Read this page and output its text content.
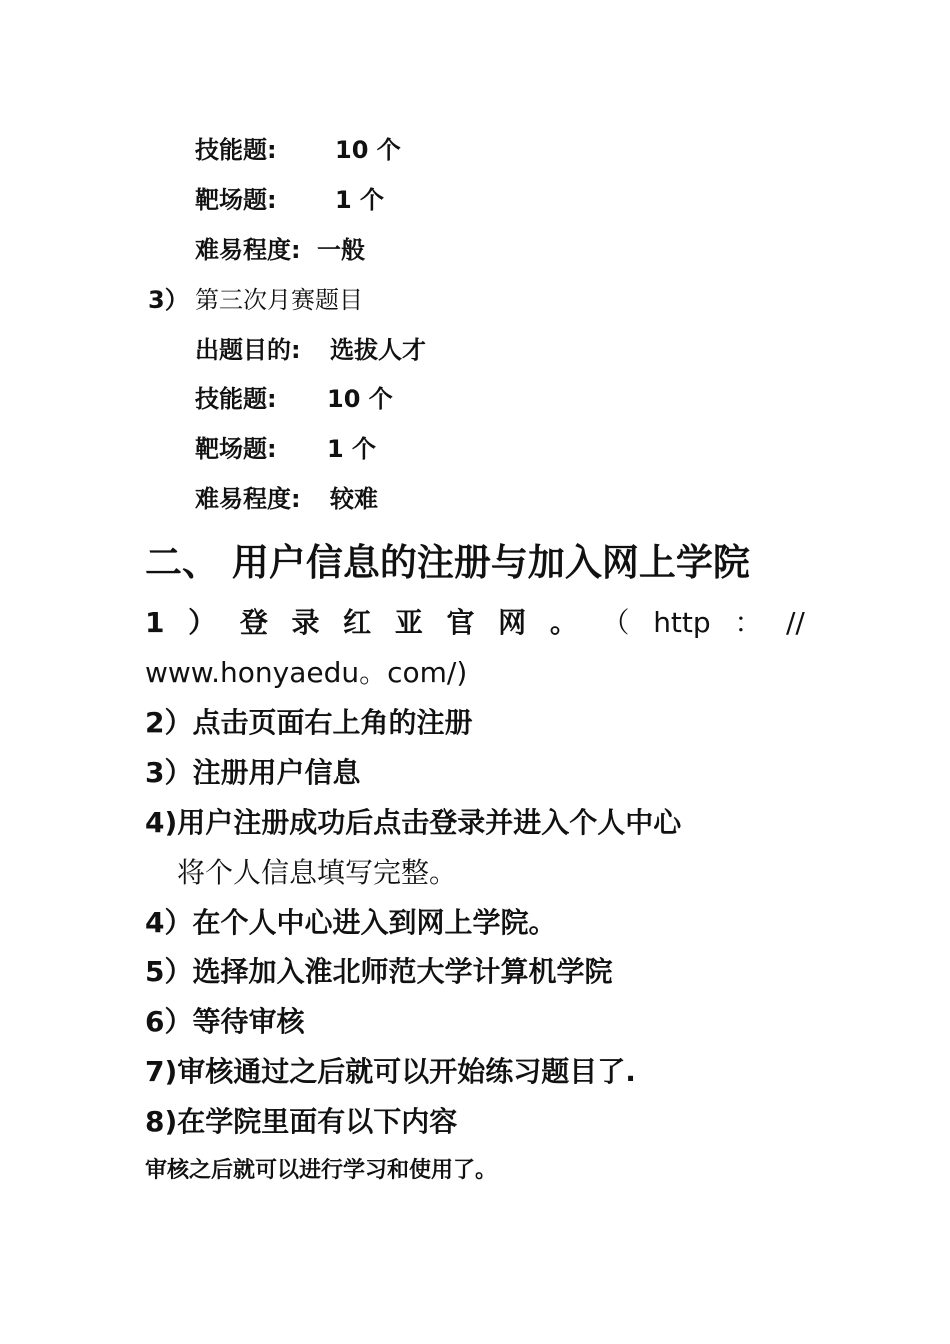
技能题: 10 个
靶场题: 1 个
难易程度: 一般
3） 第三次月赛题目
出题目的: 选拔人才
技能题: 10 个
靶场题: 1 个
难易程度: 较难
二、 用户信息的注册与加入网上学院
1 ） 登 录 红 亚 官 网 。 （ http ： //
www.honyaedu。com/)
2）点击页面右上角的注册
3）注册用户信息
4)用户注册成功后点击登录并进入个人中心
将个人信息填写完整。
4）在个人中心进入到网上学院。
5）选择加入淮北师范大学计算机学院
6）等待审核
7)审核通过之后就可以开始练习题目了.
8)在学院里面有以下内容
审核之后就可以进行学习和使用了。
